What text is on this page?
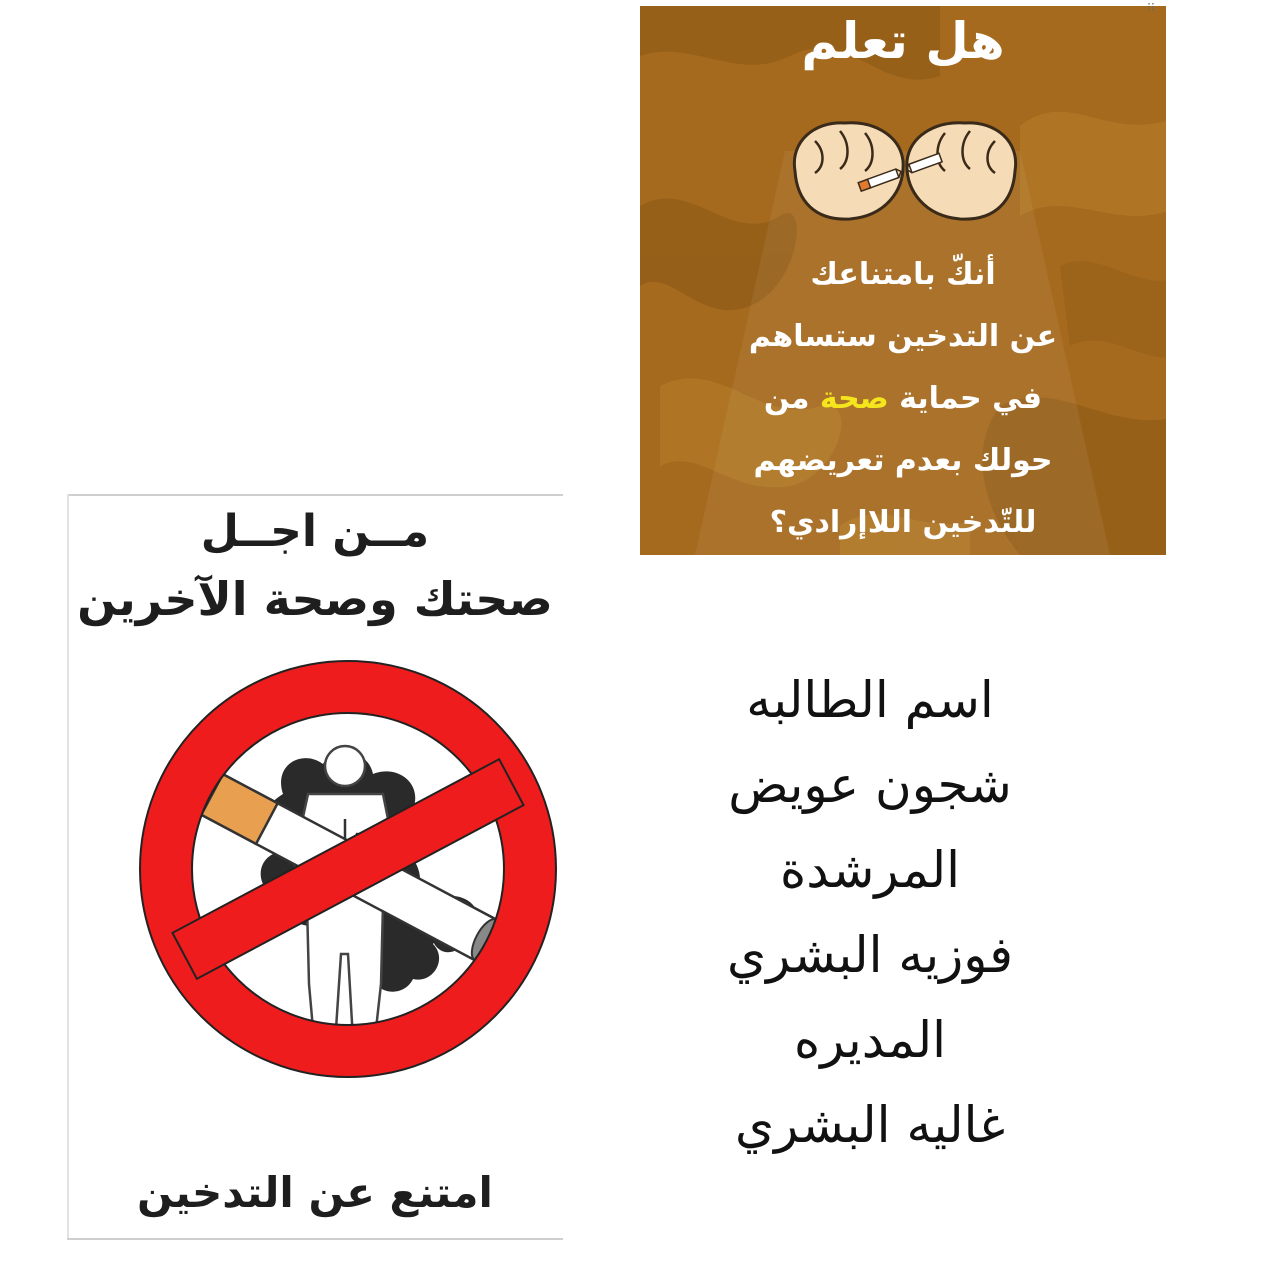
هل تعلم
أنكّ بامتناعك
عن التدخين ستساهم
في حماية صحة من
حولك بعدم تعريضهم
للتّدخين اللاإرادي؟
⁝⁝
مــن اجــل
صحتك وصحة الآخرين
امتنع عن التدخين
اسم الطالبه
شجون عويض
المرشدة
فوزيه البشري
المديره
غاليه البشري
